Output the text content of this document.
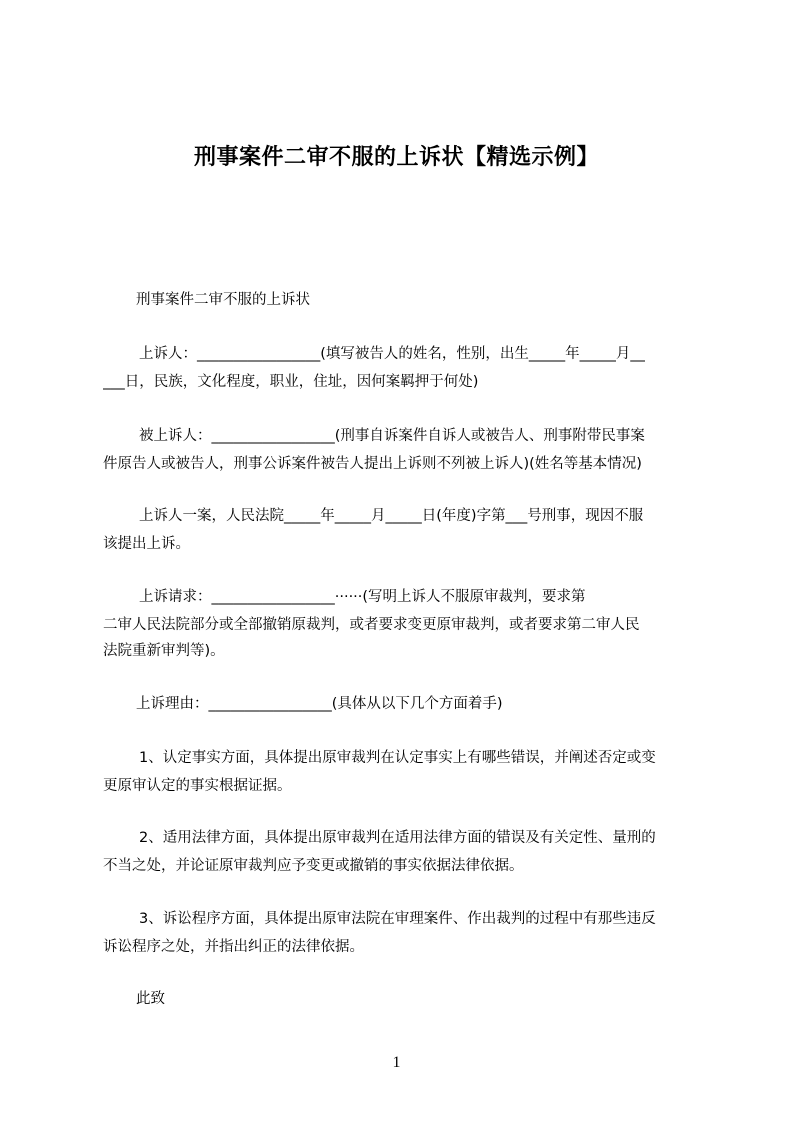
刑事案件二审不服的上诉状【精选示例】
刑事案件二审不服的上诉状
上诉人：_________________(填写被告人的姓名，性别，出生_____年_____月__
___日，民族，文化程度，职业，住址，因何案羁押于何处)
被上诉人：_________________(刑事自诉案件自诉人或被告人、刑事附带民事案
件原告人或被告人，刑事公诉案件被告人提出上诉则不列被上诉人)(姓名等基本情况)
上诉人一案，人民法院_____年_____月_____日(年度)字第___号刑事，现因不服
该提出上诉。
上诉请求：_________________······(写明上诉人不服原审裁判，要求第
二审人民法院部分或全部撤销原裁判，或者要求变更原审裁判，或者要求第二审人民
法院重新审判等)。
上诉理由：_________________(具体从以下几个方面着手)
1、认定事实方面，具体提出原审裁判在认定事实上有哪些错误，并阐述否定或变
更原审认定的事实根据证据。
2、适用法律方面，具体提出原审裁判在适用法律方面的错误及有关定性、量刑的
不当之处，并论证原审裁判应予变更或撤销的事实依据法律依据。
3、诉讼程序方面，具体提出原审法院在审理案件、作出裁判的过程中有那些违反
诉讼程序之处，并指出纠正的法律依据。
此致
1
